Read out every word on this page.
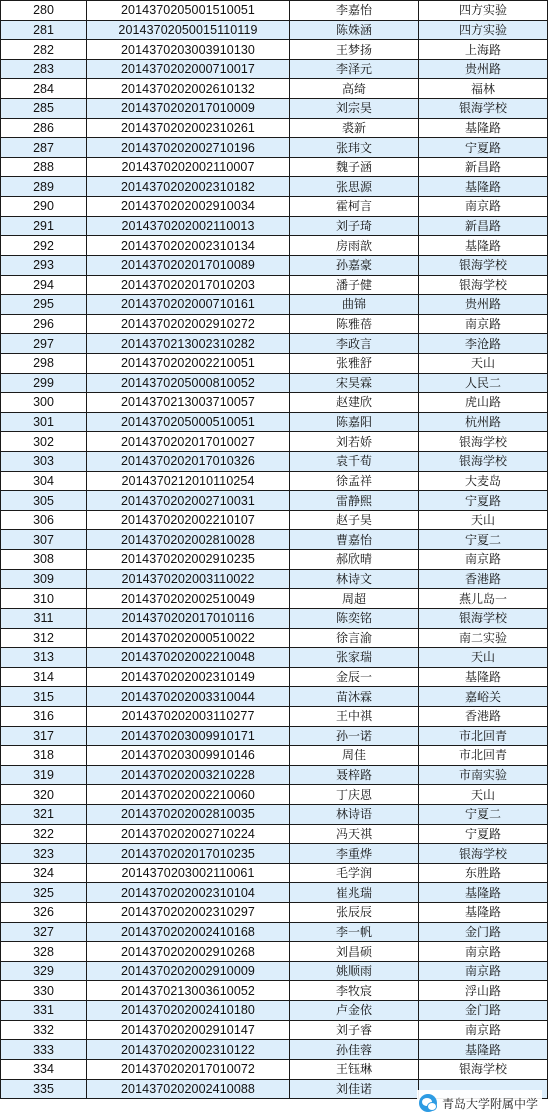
280	2014370205001510051	李嘉怡	四方实验
281	20143702050015110119	陈姝涵	四方实验
282	2014370203003910130	王梦扬	上海路
283	2014370202000710017	李泽元	贵州路
284	2014370202002610132	高绮	福林
285	2014370202017010009	刘宗昊	银海学校
286	2014370202002310261	裘新	基隆路
287	2014370202002710196	张玮文	宁夏路
288	2014370202002110007	魏子涵	新昌路
289	2014370202002310182	张思源	基隆路
290	2014370202002910034	霍柯言	南京路
291	2014370202002110013	刘子琦	新昌路
292	2014370202002310134	房雨歆	基隆路
293	2014370202017010089	孙嘉豪	银海学校
294	2014370202017010203	潘子健	银海学校
295	2014370202000710161	曲锦	贵州路
296	2014370202002910272	陈雅蓓	南京路
297	2014370213002310282	李政言	李沧路
298	2014370202002210051	张雅舒	天山
299	2014370205000810052	宋昊霖	人民二
300	2014370213003710057	赵建欣	虎山路
301	2014370205000510051	陈嘉阳	杭州路
302	2014370202017010027	刘若娇	银海学校
303	2014370202017010326	袁千荀	银海学校
304	2014370212010110254	徐孟祥	大麦岛
305	2014370202002710031	雷静熙	宁夏路
306	2014370202002210107	赵子昊	天山
307	2014370202002810028	曹嘉怡	宁夏二
308	2014370202002910235	郝欣晴	南京路
309	2014370202003110022	林诗文	香港路
310	2014370202002510049	周超	燕儿岛一
311	2014370202017010116	陈奕铭	银海学校
312	2014370202000510022	徐言渝	南二实验
313	2014370202002210048	张家瑞	天山
314	2014370202002310149	金辰一	基隆路
315	2014370202003310044	苗沐霖	嘉峪关
316	2014370202003110277	王中祺	香港路
317	2014370203009910171	孙一诺	市北回青
318	2014370203009910146	周佳	市北回青
319	2014370202003210228	聂梓路	市南实验
320	2014370202002210060	丁庆恩	天山
321	2014370202002810035	林诗语	宁夏二
322	2014370202002710224	冯天祺	宁夏路
323	2014370202017010235	李重烨	银海学校
324	2014370203002110061	毛学润	东胜路
325	2014370202002310104	崔兆瑞	基隆路
326	2014370202002310297	张辰辰	基隆路
327	2014370202002410168	李一帆	金门路
328	2014370202002910268	刘昌硕	南京路
329	2014370202002910009	姚顺雨	南京路
330	2014370213003610052	李牧宸	浮山路
331	2014370202002410180	卢金依	金门路
332	2014370202002910147	刘子睿	南京路
333	2014370202002310122	孙佳蓉	基隆路
334	2014370202017010072	王钰琳	银海学校
335	2014370202002410088	刘佳诺	
青岛大学附属中学
